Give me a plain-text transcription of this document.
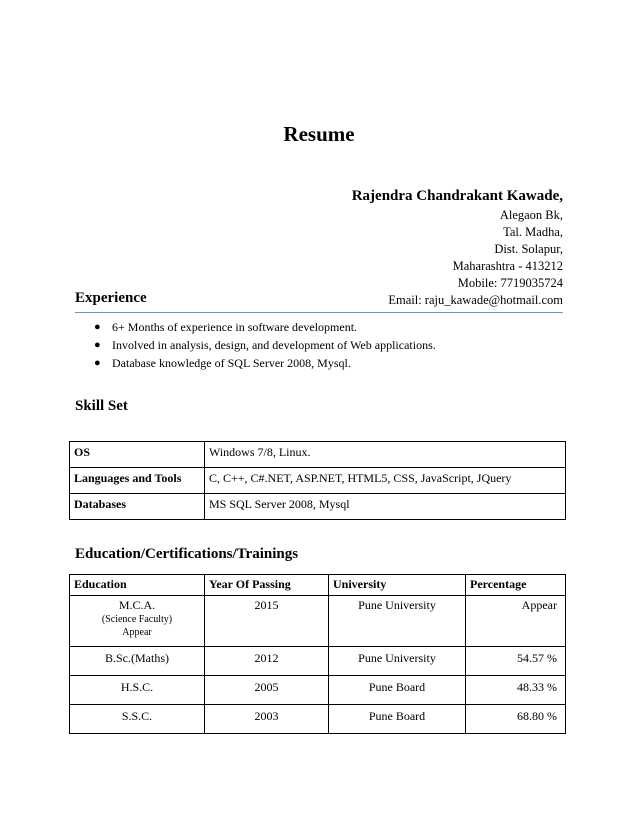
Resume
Rajendra Chandrakant Kawade,
Alegaon Bk,
Tal. Madha,
Dist. Solapur,
Maharashtra - 413212
Mobile: 7719035724
Email: raju_kawade@hotmail.com
Experience
● 6+ Months of experience in software development.
● Involved in analysis, design, and development of Web applications.
● Database knowledge of SQL Server 2008, Mysql.
Skill Set
OS	Windows 7/8, Linux.
Languages and Tools	C, C++, C#.NET, ASP.NET, HTML5, CSS, JavaScript, JQuery
Databases	MS SQL Server 2008, Mysql
Education/Certifications/Trainings
Education	Year Of Passing	University	Percentage
M.C.A.
(Science Faculty)
Appear	2015	Pune University	Appear
B.Sc.(Maths)	2012	Pune University	54.57 %
H.S.C.	2005	Pune Board	48.33 %
S.S.C.	2003	Pune Board	68.80 %
